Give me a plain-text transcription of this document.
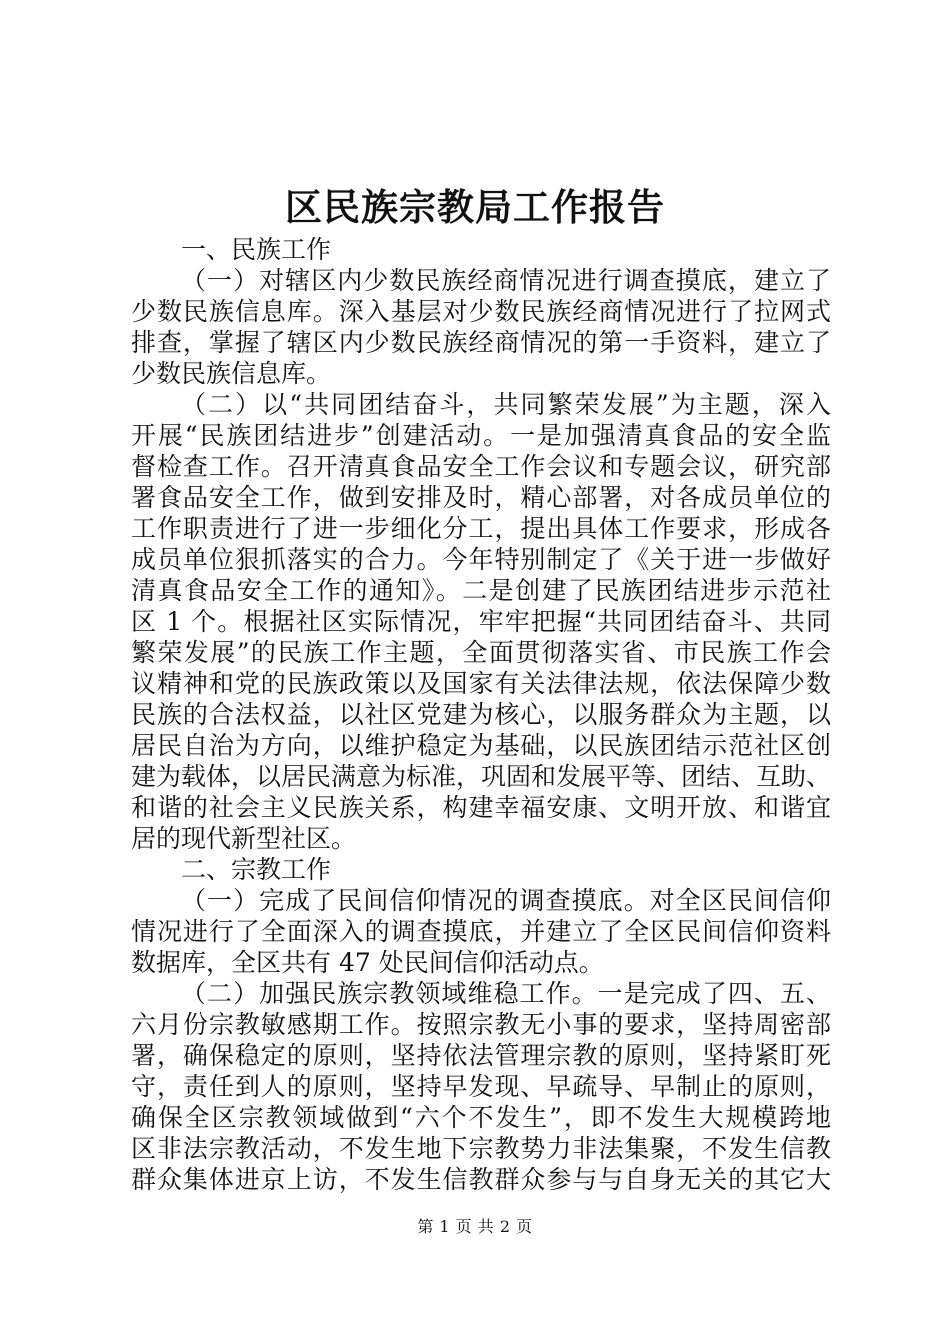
区民族宗教局工作报告
一、民族工作
（一）对辖区内少数民族经商情况进行调查摸底，建立了
少数民族信息库。深入基层对少数民族经商情况进行了拉网式
排查，掌握了辖区内少数民族经商情况的第一手资料，建立了
少数民族信息库。
（二）以“共同团结奋斗，共同繁荣发展”为主题，深入
开展“民族团结进步”创建活动。一是加强清真食品的安全监
督检查工作。召开清真食品安全工作会议和专题会议，研究部
署食品安全工作，做到安排及时，精心部署，对各成员单位的
工作职责进行了进一步细化分工，提出具体工作要求，形成各
成员单位狠抓落实的合力。今年特别制定了《关于进一步做好
清真食品安全工作的通知》。二是创建了民族团结进步示范社
区 1 个。根据社区实际情况，牢牢把握“共同团结奋斗、共同
繁荣发展”的民族工作主题，全面贯彻落实省、市民族工作会
议精神和党的民族政策以及国家有关法律法规，依法保障少数
民族的合法权益，以社区党建为核心，以服务群众为主题，以
居民自治为方向，以维护稳定为基础，以民族团结示范社区创
建为载体，以居民满意为标准，巩固和发展平等、团结、互助、
和谐的社会主义民族关系，构建幸福安康、文明开放、和谐宜
居的现代新型社区。
二、宗教工作
（一）完成了民间信仰情况的调查摸底。对全区民间信仰
情况进行了全面深入的调查摸底，并建立了全区民间信仰资料
数据库，全区共有 47 处民间信仰活动点。
（二）加强民族宗教领域维稳工作。一是完成了四、五、
六月份宗教敏感期工作。按照宗教无小事的要求，坚持周密部
署，确保稳定的原则，坚持依法管理宗教的原则，坚持紧盯死
守，责任到人的原则，坚持早发现、早疏导、早制止的原则，
确保全区宗教领域做到“六个不发生”，即不发生大规模跨地
区非法宗教活动，不发生地下宗教势力非法集聚，不发生信教
群众集体进京上访，不发生信教群众参与与自身无关的其它大
第 1 页 共 2 页
